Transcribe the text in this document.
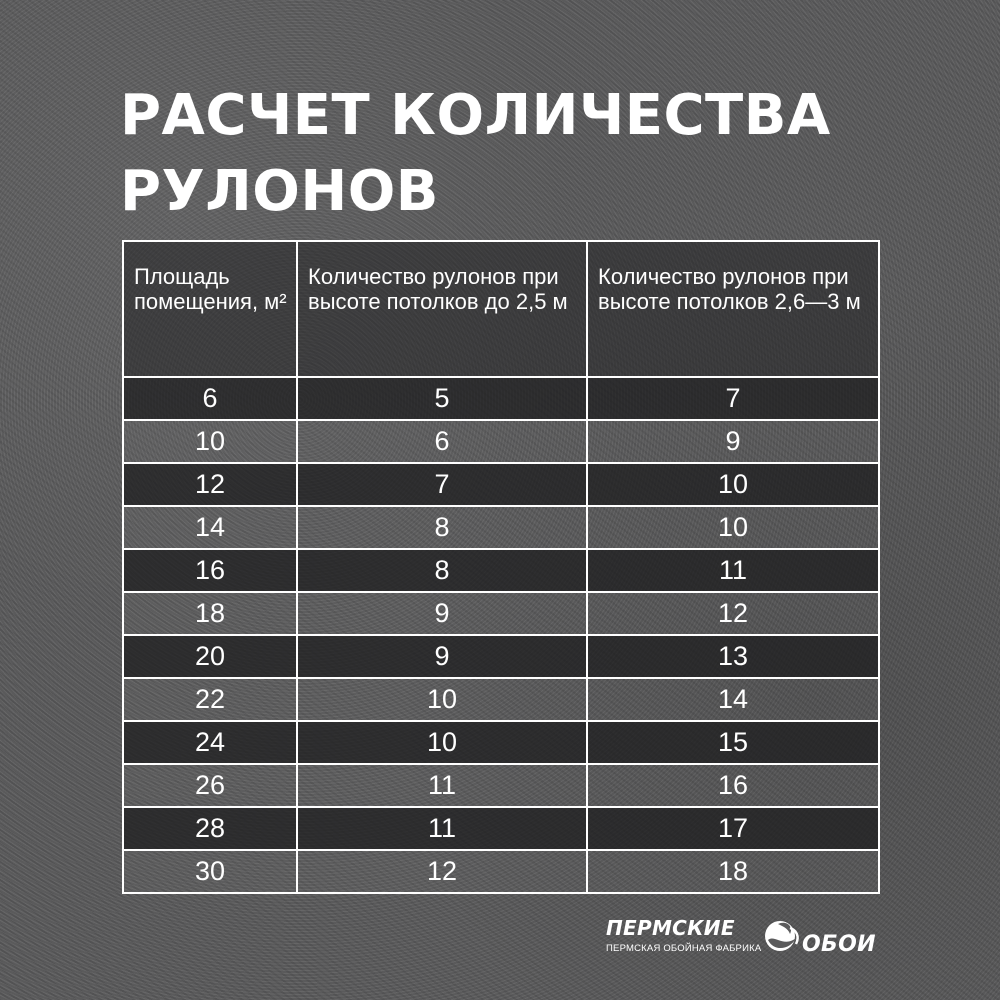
РАСЧЕТ КОЛИЧЕСТВА РУЛОНОВ
Площадь помещения, м²	Количество рулонов при высоте потолков до 2,5 м	Количество рулонов при высоте потолков 2,6—3 м
6	5	7
10	6	9
12	7	10
14	8	10
16	8	11
18	9	12
20	9	13
22	10	14
24	10	15
26	11	16
28	11	17
30	12	18
ПЕРМСКИЕ
ПЕРМСКАЯ ОБОЙНАЯ ФАБРИКА ОБОИ
